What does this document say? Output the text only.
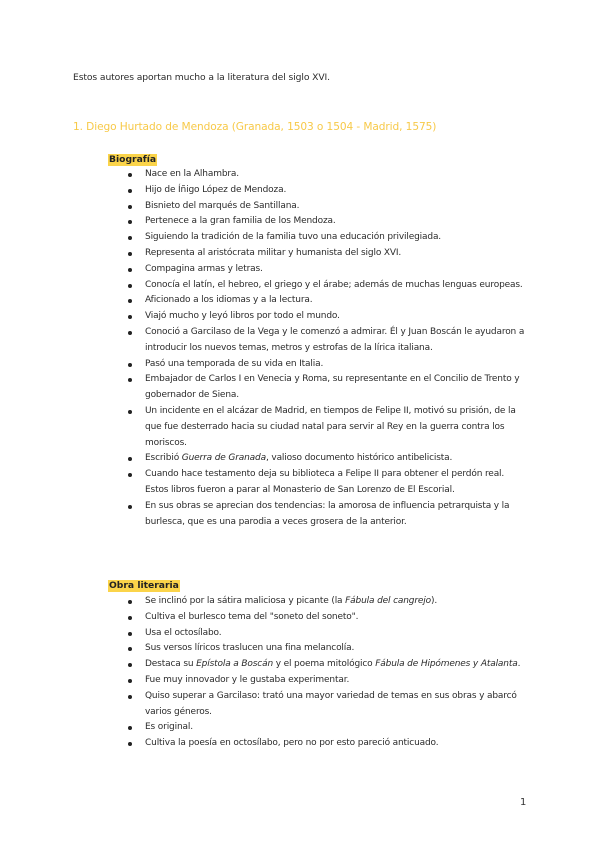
Estos autores aportan mucho a la literatura del siglo XVI.
1. Diego Hurtado de Mendoza (Granada, 1503 o 1504 - Madrid, 1575)
Biografía
Nace en la Alhambra.
Hijo de Íñigo López de Mendoza.
Bisnieto del marqués de Santillana.
Pertenece a la gran familia de los Mendoza.
Siguiendo la tradición de la familia tuvo una educación privilegiada.
Representa al aristócrata militar y humanista del siglo XVI.
Compagina armas y letras.
Conocía el latín, el hebreo, el griego y el árabe; además de muchas lenguas europeas.
Aficionado a los idiomas y a la lectura.
Viajó mucho y leyó libros por todo el mundo.
Conoció a Garcilaso de la Vega y le comenzó a admirar. Él y Juan Boscán le ayudaron a introducir los nuevos temas, metros y estrofas de la lírica italiana.
Pasó una temporada de su vida en Italia.
Embajador de Carlos I en Venecia y Roma, su representante en el Concilio de Trento y gobernador de Siena.
Un incidente en el alcázar de Madrid, en tiempos de Felipe II, motivó su prisión, de la que fue desterrado hacia su ciudad natal para servir al Rey en la guerra contra los moriscos.
Escribió Guerra de Granada, valioso documento histórico antibelicista.
Cuando hace testamento deja su biblioteca a Felipe II para obtener el perdón real. Estos libros fueron a parar al Monasterio de San Lorenzo de El Escorial.
En sus obras se aprecian dos tendencias: la amorosa de influencia petrarquista y la burlesca, que es una parodia a veces grosera de la anterior.
Obra literaria
Se inclinó por la sátira maliciosa y picante (la Fábula del cangrejo).
Cultiva el burlesco tema del "soneto del soneto".
Usa el octosílabo.
Sus versos líricos traslucen una fina melancolía.
Destaca su Epístola a Boscán y el poema mitológico Fábula de Hipómenes y Atalanta.
Fue muy innovador y le gustaba experimentar.
Quiso superar a Garcilaso: trató una mayor variedad de temas en sus obras y abarcó varios géneros.
Es original.
Cultiva la poesía en octosílabo, pero no por esto pareció anticuado.
1
